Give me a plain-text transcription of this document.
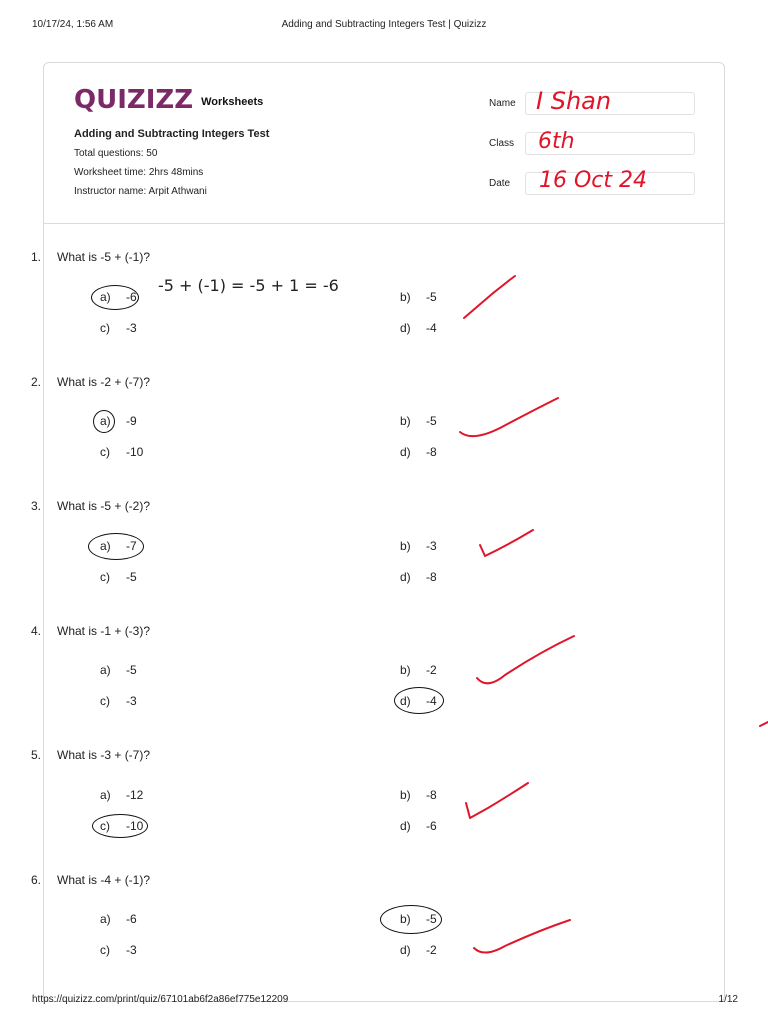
10/17/24, 1:56 AM	Adding and Subtracting Integers Test | Quizizz
QUIZIZZ Worksheets
Adding and Subtracting Integers Test
Total questions: 50
Worksheet time: 2hrs 48mins
Instructor name: Arpit Athwani
Name I Shan
Class 6th
Date 16 Oct 24
1.	What is -5 + (-1)?
a) -6	b) -5
c) -3	d) -4
-5 + (-1) = -5 + 1 = -6
2.	What is -2 + (-7)?
a) -9	b) -5
c) -10	d) -8
3.	What is -5 + (-2)?
a) -7	b) -3
c) -5	d) -8
4.	What is -1 + (-3)?
a) -5	b) -2
c) -3	d) -4
5.	What is -3 + (-7)?
a) -12	b) -8
c) -10	d) -6
6.	What is -4 + (-1)?
a) -6	b) -5
c) -3	d) -2
https://quizizz.com/print/quiz/67101ab6f2a86ef775e12209	1/12
